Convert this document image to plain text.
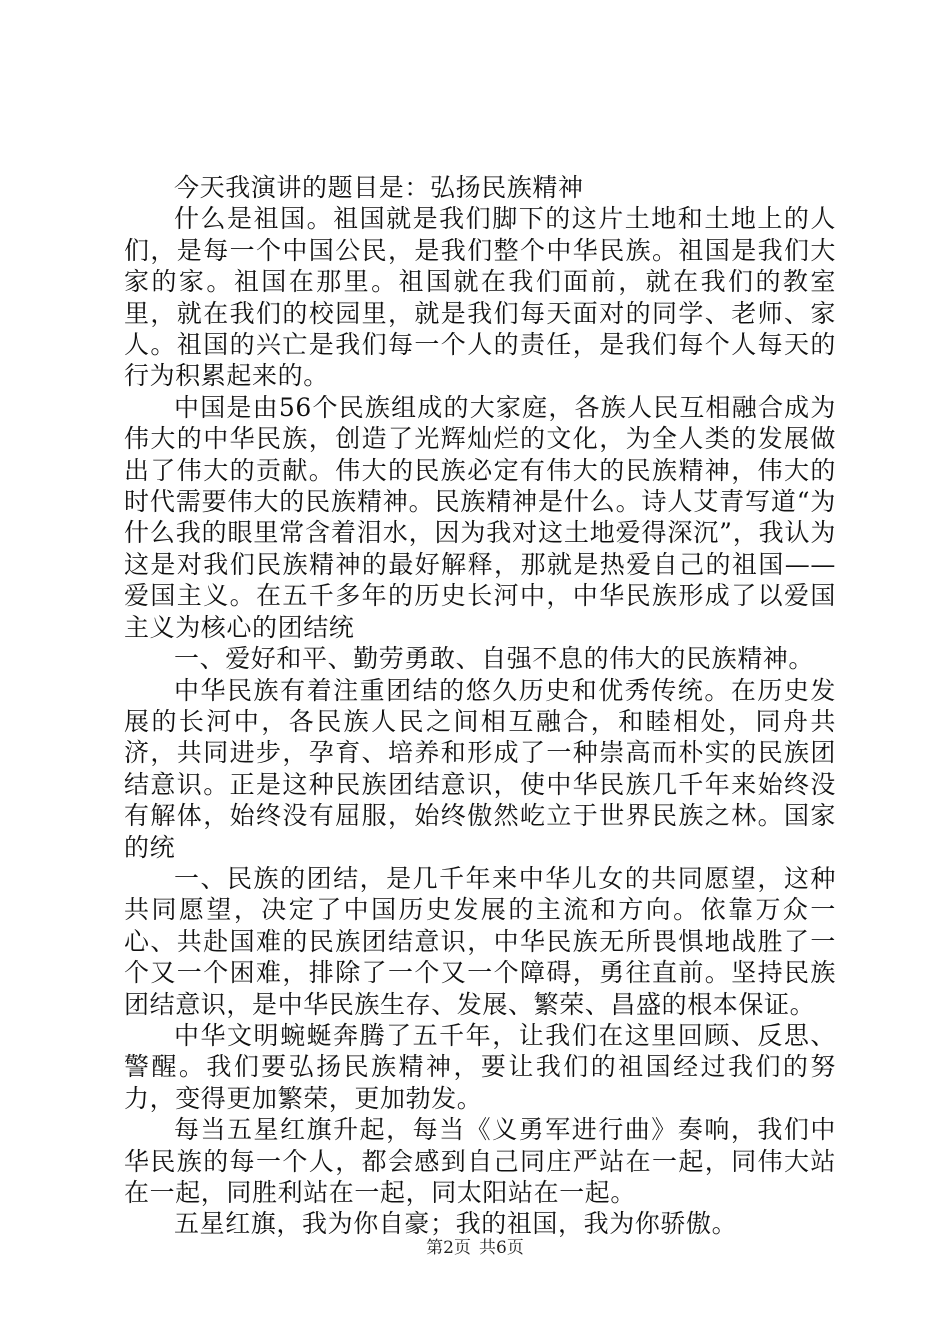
今天我演讲的题目是：弘扬民族精神

什么是祖国。祖国就是我们脚下的这片土地和土地上的人们，是每一个中国公民，是我们整个中华民族。祖国是我们大家的家。祖国在那里。祖国就在我们面前，就在我们的教室里，就在我们的校园里，就是我们每天面对的同学、老师、家人。祖国的兴亡是我们每一个人的责任，是我们每个人每天的行为积累起来的。

中国是由56个民族组成的大家庭，各族人民互相融合成为伟大的中华民族，创造了光辉灿烂的文化，为全人类的发展做出了伟大的贡献。伟大的民族必定有伟大的民族精神，伟大的时代需要伟大的民族精神。民族精神是什么。诗人艾青写道“为什么我的眼里常含着泪水，因为我对这土地爱得深沉”，我认为这是对我们民族精神的最好解释，那就是热爱自己的祖国——爱国主义。在五千多年的历史长河中，中华民族形成了以爱国主义为核心的团结统

一、爱好和平、勤劳勇敢、自强不息的伟大的民族精神。

中华民族有着注重团结的悠久历史和优秀传统。在历史发展的长河中，各民族人民之间相互融合，和睦相处，同舟共济，共同进步，孕育、培养和形成了一种崇高而朴实的民族团结意识。正是这种民族团结意识，使中华民族几千年来始终没有解体，始终没有屈服，始终傲然屹立于世界民族之林。国家的统

一、民族的团结，是几千年来中华儿女的共同愿望，这种共同愿望，决定了中国历史发展的主流和方向。依靠万众一心、共赴国难的民族团结意识，中华民族无所畏惧地战胜了一个又一个困难，排除了一个又一个障碍，勇往直前。坚持民族团结意识，是中华民族生存、发展、繁荣、昌盛的根本保证。

中华文明蜿蜒奔腾了五千年，让我们在这里回顾、反思、警醒。我们要弘扬民族精神，要让我们的祖国经过我们的努力，变得更加繁荣，更加勃发。

每当五星红旗升起，每当《义勇军进行曲》奏响，我们中华民族的每一个人，都会感到自己同庄严站在一起，同伟大站在一起，同胜利站在一起，同太阳站在一起。

五星红旗，我为你自豪；我的祖国，我为你骄傲。

第2页 共6页
